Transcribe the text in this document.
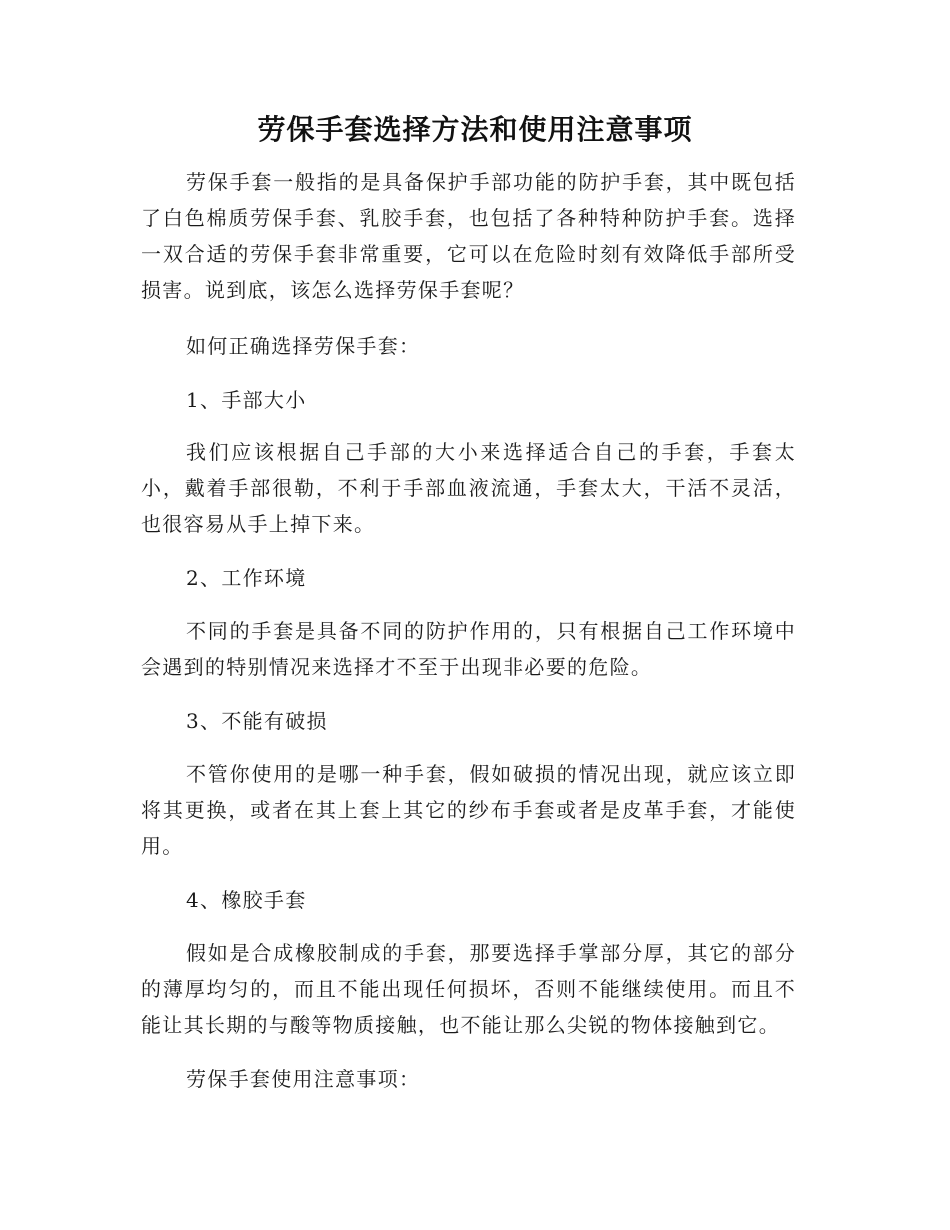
劳保手套选择方法和使用注意事项

劳保手套一般指的是具备保护手部功能的防护手套，其中既包括了白色棉质劳保手套、乳胶手套，也包括了各种特种防护手套。选择一双合适的劳保手套非常重要，它可以在危险时刻有效降低手部所受损害。说到底，该怎么选择劳保手套呢？

如何正确选择劳保手套：

1、手部大小

我们应该根据自己手部的大小来选择适合自己的手套，手套太小，戴着手部很勒，不利于手部血液流通，手套太大，干活不灵活，也很容易从手上掉下来。

2、工作环境

不同的手套是具备不同的防护作用的，只有根据自己工作环境中会遇到的特别情况来选择才不至于出现非必要的危险。

3、不能有破损

不管你使用的是哪一种手套，假如破损的情况出现，就应该立即将其更换，或者在其上套上其它的纱布手套或者是皮革手套，才能使用。

4、橡胶手套

假如是合成橡胶制成的手套，那要选择手掌部分厚，其它的部分的薄厚均匀的，而且不能出现任何损坏，否则不能继续使用。而且不能让其长期的与酸等物质接触，也不能让那么尖锐的物体接触到它。

劳保手套使用注意事项：
